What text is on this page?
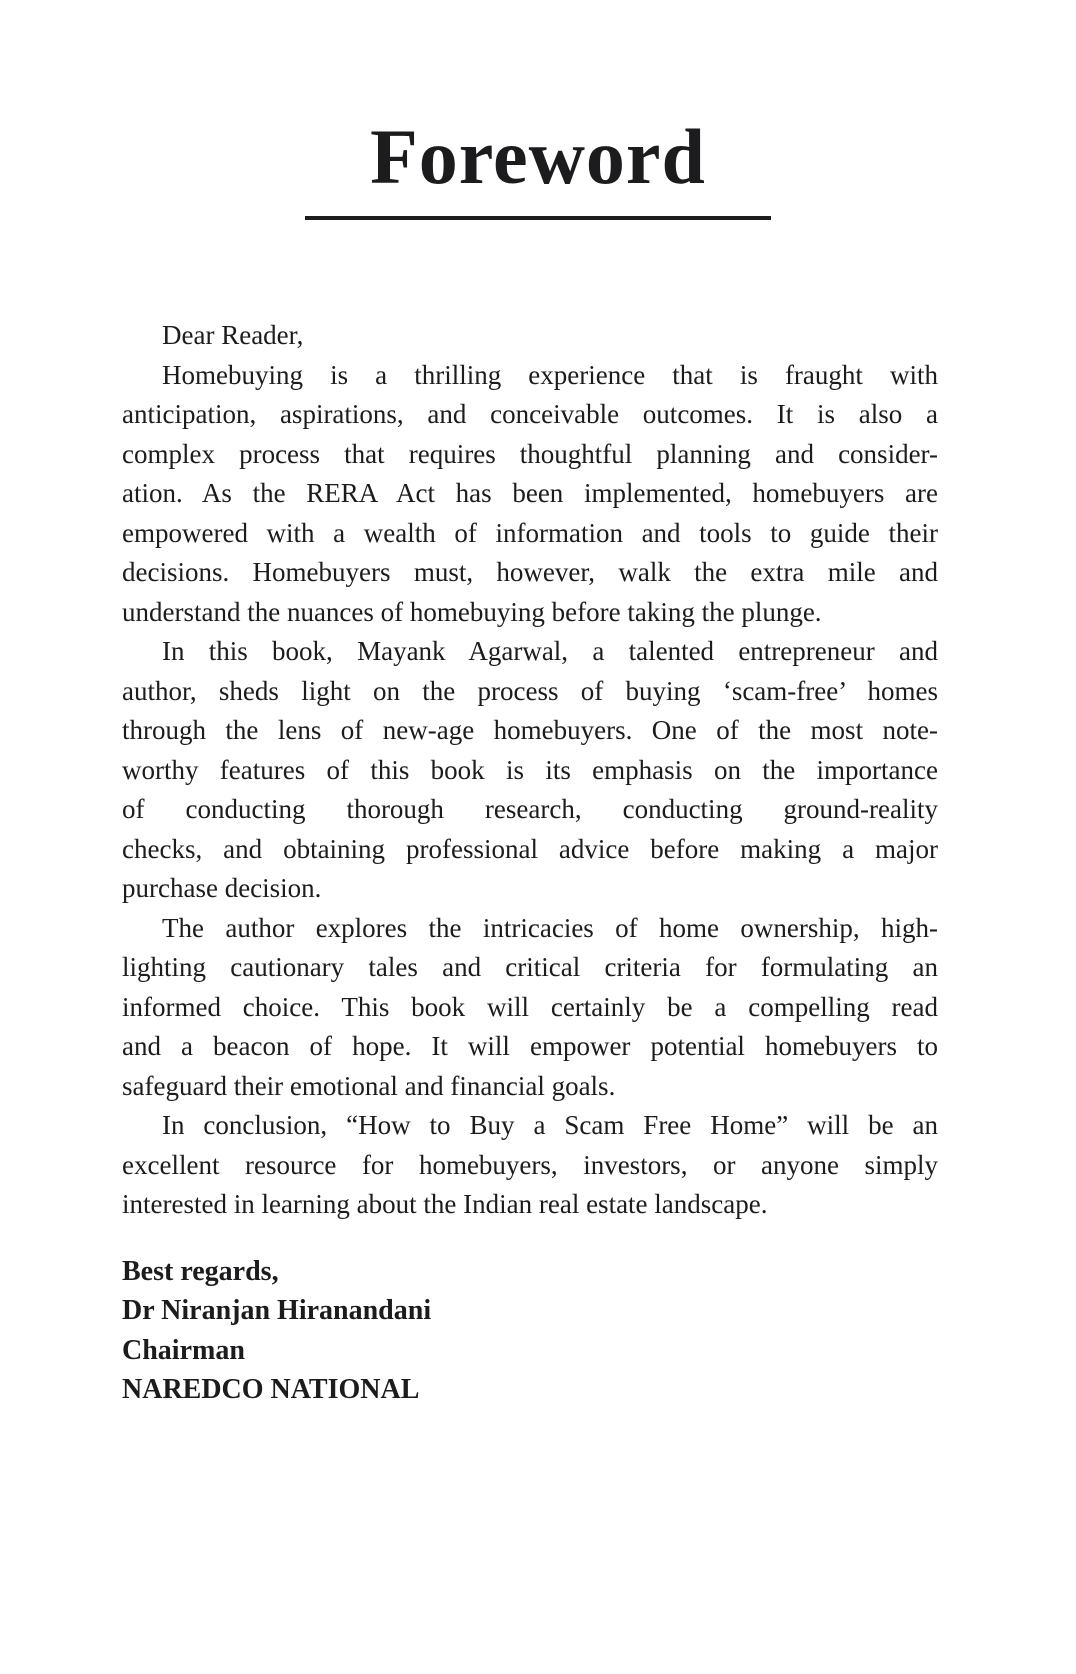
Foreword

Dear Reader,

Homebuying is a thrilling experience that is fraught with
anticipation, aspirations, and conceivable outcomes. It is also a
complex process that requires thoughtful planning and consider-
ation. As the RERA Act has been implemented, homebuyers are
empowered with a wealth of information and tools to guide their
decisions. Homebuyers must, however, walk the extra mile and
understand the nuances of homebuying before taking the plunge.

In this book, Mayank Agarwal, a talented entrepreneur and
author, sheds light on the process of buying ‘scam-free’ homes
through the lens of new-age homebuyers. One of the most note-
worthy features of this book is its emphasis on the importance
of conducting thorough research, conducting ground-reality
checks, and obtaining professional advice before making a major
purchase decision.

The author explores the intricacies of home ownership, high-
lighting cautionary tales and critical criteria for formulating an
informed choice. This book will certainly be a compelling read
and a beacon of hope. It will empower potential homebuyers to
safeguard their emotional and financial goals.

In conclusion, “How to Buy a Scam Free Home” will be an
excellent resource for homebuyers, investors, or anyone simply
interested in learning about the Indian real estate landscape.

Best regards,
Dr Niranjan Hiranandani
Chairman
NAREDCO NATIONAL
